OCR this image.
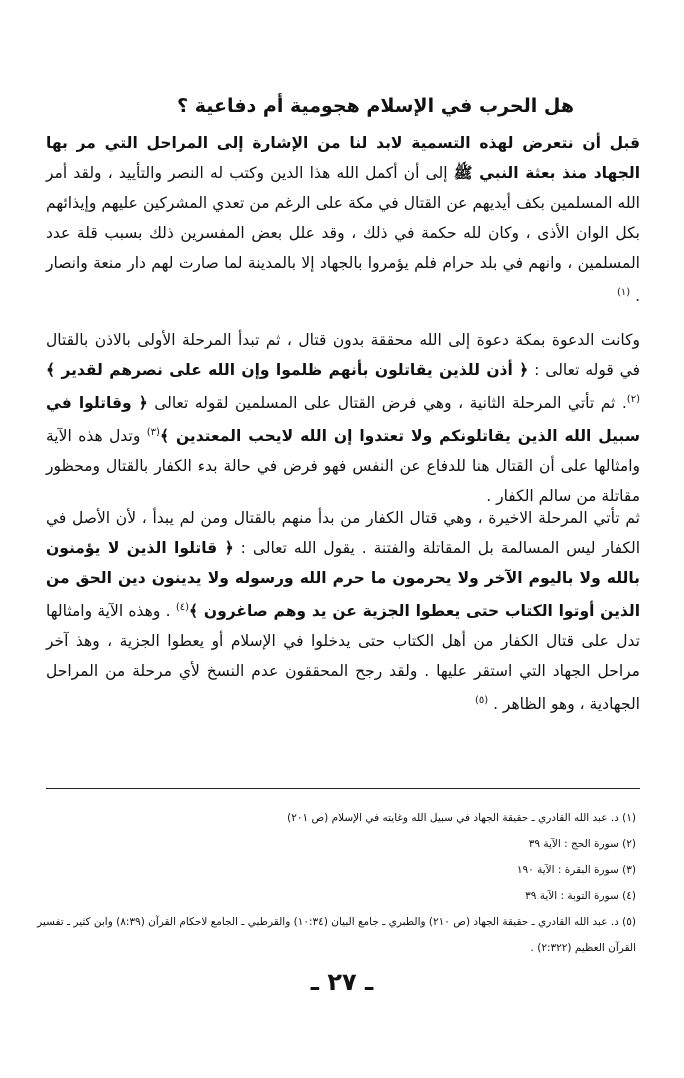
هل الحرب في الإسلام هجومية أم دفاعية ؟

قبل أن نتعرض لهذه التسمية لابد لنا من الإشارة إلى المراحل التي مر بها الجهاد منذ بعثة النبي ﷺ إلى أن أكمل الله هذا الدين وكتب له النصر والتأييد ، ولقد أمر الله المسلمين بكف أيديهم عن القتال في مكة على الرغم من تعدي المشركين عليهم وإيذائهم بكل الوان الأذى ، وكان لله حكمة في ذلك ، وقد علل بعض المفسرين ذلك بسبب قلة عدد المسلمين ، وانهم في بلد حرام فلم يؤمروا بالجهاد إلا بالمدينة لما صارت لهم دار منعة وانصار . $^{(١)}$

وكانت الدعوة بمكة دعوة إلى الله محققة بدون قتال ، ثم تبدأ المرحلة الأولى بالاذن بالقتال في قوله تعالى : ﴿ أذن للذين يقاتلون بأنهم ظلموا وإن الله على نصرهم لقدير ﴾$^{(٢)}$. ثم تأتي المرحلة الثانية ، وهي فرض القتال على المسلمين لقوله تعالى ﴿ وقاتلوا في سبيل الله الذين يقاتلونكم ولا تعتدوا إن الله لايحب المعتدين ﴾$^{(٣)}$ وتدل هذه الآية وامثالها على أن القتال هنا للدفاع عن النفس فهو فرض في حالة بدء الكفار بالقتال ومحظور مقاتلة من سالم الكفار .

ثم تأتي المرحلة الاخيرة ، وهي قتال الكفار من بدأ منهم بالقتال ومن لم يبدأ ، لأن الأصل في الكفار ليس المسالمة بل المقاتلة والفتنة . يقول الله تعالى : ﴿ قاتلوا الذين لا يؤمنون بالله ولا باليوم الآخر ولا يحرمون ما حرم الله ورسوله ولا يدينون دين الحق من الذين أوتوا الكتاب حتى يعطوا الجزية عن يد وهم صاغرون ﴾$^{(٤)}$ . وهذه الآية وامثالها تدل على قتال الكفار من أهل الكتاب حتى يدخلوا في الإسلام أو يعطوا الجزية ، وهذ آخر مراحل الجهاد التي استقر عليها . ولقد رجح المحققون عدم النسخ لأي مرحلة من المراحل الجهادية ، وهو الظاهر . $^{(٥)}$

(١) د. عبد الله القادري ـ حقيقة الجهاد في سبيل الله وغايته في الإسلام (ص ٢٠١)
(٢) سورة الحج : الآية ٣٩
(٣) سورة البقرة : الآية ١٩٠
(٤) سورة التوبة : الآية ٣٩
(٥) د. عبد الله القادري ـ حقيقة الجهاد (ص ٢١٠) والطبري ـ جامع البيان (١٠:٣٤) والقرطبي ـ الجامع لاحكام القرآن (٨:٣٩) وابن كثير ـ تفسير القرآن العظيم (٢:٣٢٢) .
ـ ٢٧ ـ
